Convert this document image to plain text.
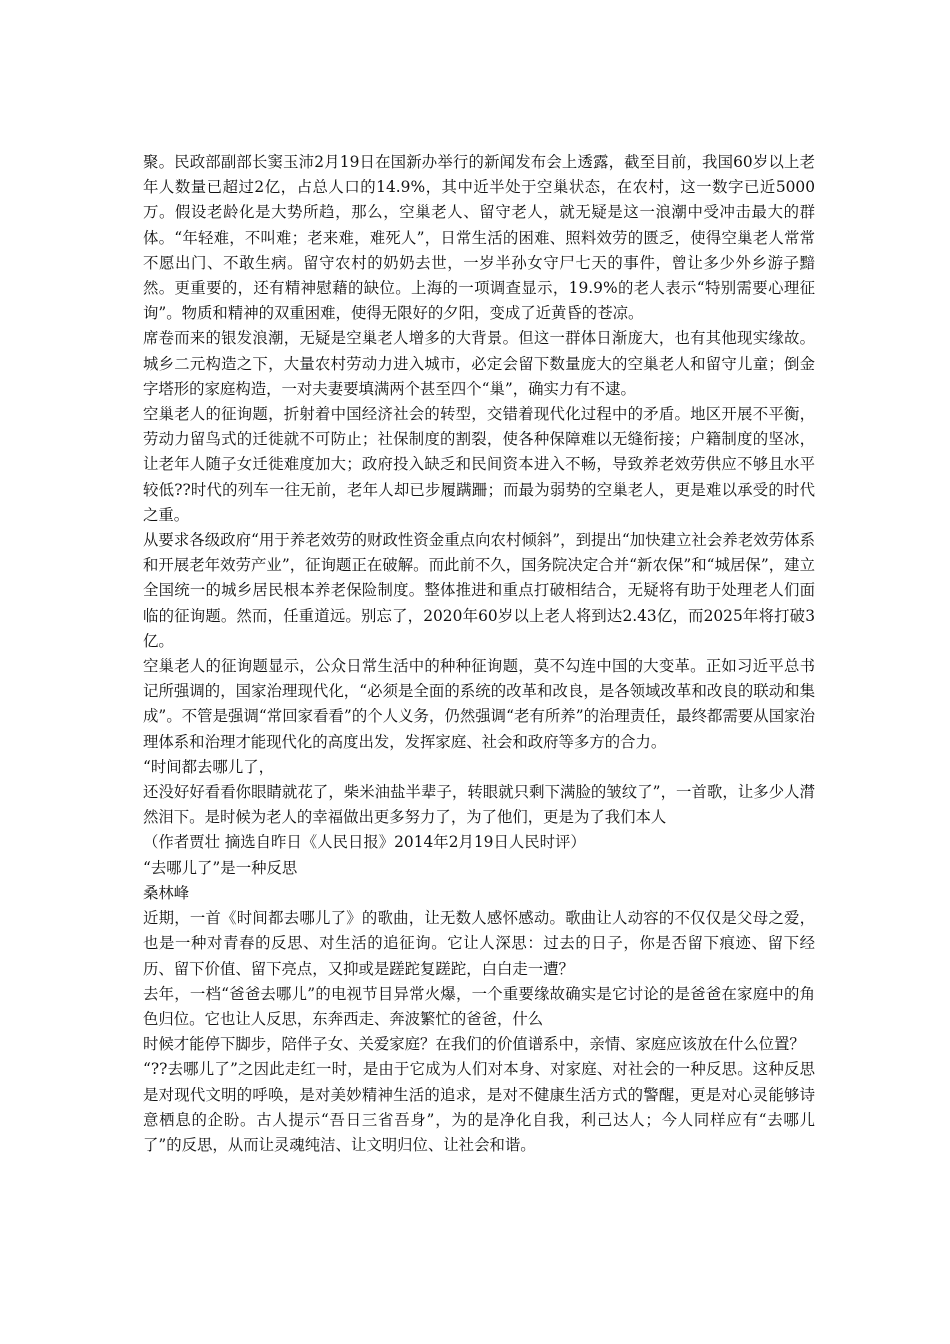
聚。民政部副部长窦玉沛2月19日在国新办举行的新闻发布会上透露，截至目前，我国60岁以上老年人数量已超过2亿，占总人口的14.9%，其中近半处于空巢状态，在农村，这一数字已近5000万。假设老龄化是大势所趋，那么，空巢老人、留守老人，就无疑是这一浪潮中受冲击最大的群体。“年轻难，不叫难；老来难，难死人”，日常生活的困难、照料效劳的匮乏，使得空巢老人常常不愿出门、不敢生病。留守农村的奶奶去世，一岁半孙女守尸七天的事件，曾让多少外乡游子黯然。更重要的，还有精神慰藉的缺位。上海的一项调查显示，19.9%的老人表示“特别需要心理征询”。物质和精神的双重困难，使得无限好的夕阳，变成了近黄昏的苍凉。

席卷而来的银发浪潮，无疑是空巢老人增多的大背景。但这一群体日渐庞大，也有其他现实缘故。城乡二元构造之下，大量农村劳动力进入城市，必定会留下数量庞大的空巢老人和留守儿童；倒金字塔形的家庭构造，一对夫妻要填满两个甚至四个“巢”，确实力有不逮。

空巢老人的征询题，折射着中国经济社会的转型，交错着现代化过程中的矛盾。地区开展不平衡，劳动力留鸟式的迁徙就不可防止；社保制度的割裂，使各种保障难以无缝衔接；户籍制度的坚冰，让老年人随子女迁徙难度加大；政府投入缺乏和民间资本进入不畅，导致养老效劳供应不够且水平较低??时代的列车一往无前，老年人却已步履蹒跚；而最为弱势的空巢老人，更是难以承受的时代之重。

从要求各级政府“用于养老效劳的财政性资金重点向农村倾斜”，到提出“加快建立社会养老效劳体系和开展老年效劳产业”，征询题正在破解。而此前不久，国务院决定合并“新农保”和“城居保”，建立全国统一的城乡居民根本养老保险制度。整体推进和重点打破相结合，无疑将有助于处理老人们面临的征询题。然而，任重道远。别忘了，2020年60岁以上老人将到达2.43亿，而2025年将打破3亿。

空巢老人的征询题显示，公众日常生活中的种种征询题，莫不勾连中国的大变革。正如习近平总书记所强调的，国家治理现代化，“必须是全面的系统的改革和改良，是各领域改革和改良的联动和集成”。不管是强调“常回家看看”的个人义务，仍然强调“老有所养”的治理责任，最终都需要从国家治理体系和治理才能现代化的高度出发，发挥家庭、社会和政府等多方的合力。

“时间都去哪儿了，

还没好好看看你眼睛就花了，柴米油盐半辈子，转眼就只剩下满脸的皱纹了”，一首歌，让多少人潸然泪下。是时候为老人的幸福做出更多努力了，为了他们，更是为了我们本人

（作者贾壮 摘选自昨日《人民日报》2014年2月19日人民时评）

“去哪儿了”是一种反思

桑林峰

近期，一首《时间都去哪儿了》的歌曲，让无数人感怀感动。歌曲让人动容的不仅仅是父母之爱，也是一种对青春的反思、对生活的追征询。它让人深思：过去的日子，你是否留下痕迹、留下经历、留下价值、留下亮点，又抑或是蹉跎复蹉跎，白白走一遭？

去年，一档“爸爸去哪儿”的电视节目异常火爆，一个重要缘故确实是它讨论的是爸爸在家庭中的角色归位。它也让人反思，东奔西走、奔波繁忙的爸爸，什么

时候才能停下脚步，陪伴子女、关爱家庭？在我们的价值谱系中，亲情、家庭应该放在什么位置？

“??去哪儿了”之因此走红一时，是由于它成为人们对本身、对家庭、对社会的一种反思。这种反思是对现代文明的呼唤，是对美妙精神生活的追求，是对不健康生活方式的警醒，更是对心灵能够诗意栖息的企盼。古人提示“吾日三省吾身”，为的是净化自我，利己达人；今人同样应有“去哪儿了”的反思，从而让灵魂纯洁、让文明归位、让社会和谐。
